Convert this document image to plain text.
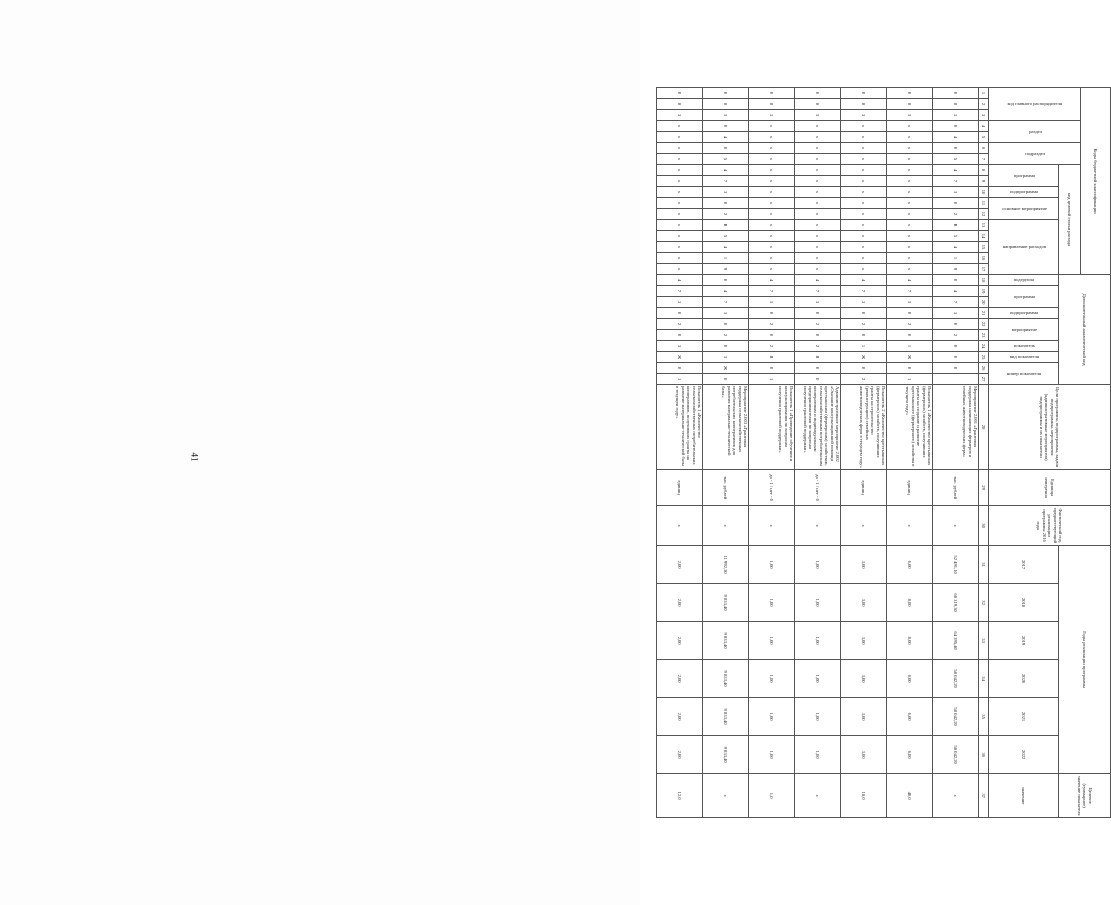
41
Коды бюджетной классификации																	Дополнительный аналитический код										Цели программы, подпрограммы, задачи подпрограммы, мероприятия (административные мероприятия) подпрограммы и их показатели	Единица измерения	Фактический год, предшествующий реализации программы 2016 года	Годы реализации программы						Целевое (суммарное) значение показателя
код главного распорядителя			раздел		подраздел		код целевой статьи расхода																													
							программа		подпрограмма	основное мероприятие		направление расходов					подгруппа	программа		подпрограмма	мероприятие		показатель	вид показателя	номер показателя					2017	2018	2019	2020	2021	2022	значение
1	2	3	4	5	6	7	8	9	10	11	12	13	14	15	16	17	18	19	20	21	22	23	24	25	26	27	28	29	30	31	32	33	34	35	36	37
0	8	3	0	4	0	5	4	7	3	0	2	R	5	4	1	9	0	4	7	3	0	2	0	0	0		Мероприятие 2.001 «Грантовая поддержка начинающих фермеров и семейных животноводческих ферм»	тыс. рублей	х	52 491,10	68 319,30	64 395,40	58 042,20	58 042,20	58 042,20	х
0	8	3	х	х	х	х	х	х	х	х	х	х	х	х	х	х	4	7	3	0	2	0	1	Ж	0	1	Показатель 1 «Количество крестьянских (фермерских) хозяйств, получивших гранты на создание и развитие крестьянского (фермерского) хозяйства в текущем году»	единиц	х	6,00	8,00	8,00	6,00	6,00	6,00	40,0
0	8	3	х	х	х	х	х	х	х	х	х	х	х	х	х	х	4	7	3	0	2	0	1	Ж	0	2	Показатель 2 «Количество крестьянских (фермерских) хозяйств, получивших гранты на строительство (реконструкцию) семейных животноводческих ферм в текущем году»	единиц	х	3,00	3,00	3,00	3,00	3,00	3,00	18,0
0	8	3	х	х	х	х	х	х	х	х	х	х	х	х	х	х	4	7	3	0	2	0	2	Я	0	0	Административное мероприятие 2.002 «Оказание консультационной помощи крестьянским (фермерским) хозяйствам, сельскохозяйственным потребительским кооперативам и индивидуальным предпринимателям по вопросам получения грантовой поддержки»	да - 1 / нет - 0	х	1,00	1,00	1,00	1,00	1,00	1,00	х
0	8	3	х	х	х	х	х	х	х	х	х	х	х	х	х	х	4	7	3	0	2	0	2	Я	0	1	Показатель 1 «Проведение обучения и консультирования по вопросам получения грантовой поддержки»	да - 1 / нет - 0	х	1,00	1,00	1,00	1,00	1,00	1,00	1,0
0	8	3	0	4	0	5	4	7	3	0	2	R	5	4	1	9	0	4	7	3	0	2	0	3	Ж	0	Мероприятие 2.003 «Грантовая поддержка сельскохозяйственных потребительских кооперативов для развития материально-технической базы»	тыс. рублей	х	11 992,30	9 833,40	9 833,40	9 833,40	9 833,40	9 833,40	х
0	8	3	х	х	х	х	х	х	х	х	х	х	х	х	х	х	4	7	3	0	2	0	3	Ж	0	1	Показатель 1 «Количество сельскохозяйственных потребительских кооперативов, получивших гранты на развитие материально-технической базы в текущем году»	единиц	х	2,00	2,00	2,00	2,00	2,00	2,00	12,0
